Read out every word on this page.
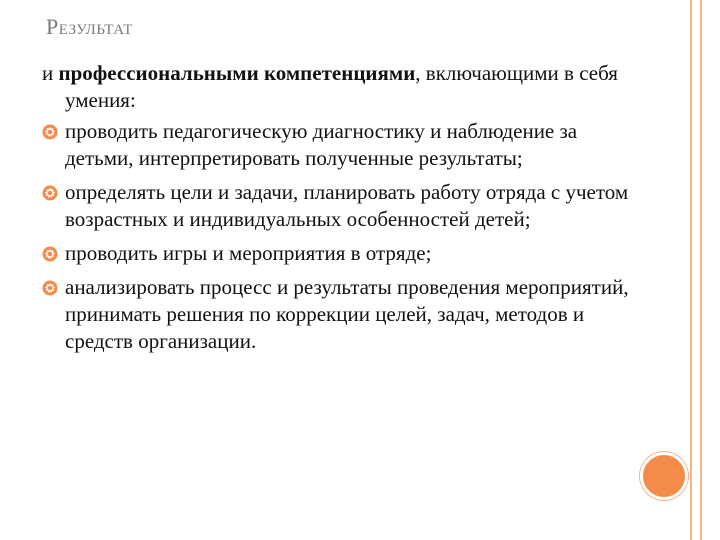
Результат
и профессиональными компетенциями, включающими в себя умения:
проводить педагогическую диагностику и наблюдение за детьми, интерпретировать полученные результаты;
определять цели и задачи, планировать работу отряда с учетом возрастных и индивидуальных особенностей детей;
проводить игры и мероприятия в отряде;
анализировать процесс и результаты проведения мероприятий, принимать решения по коррекции целей, задач, методов и средств организации.
